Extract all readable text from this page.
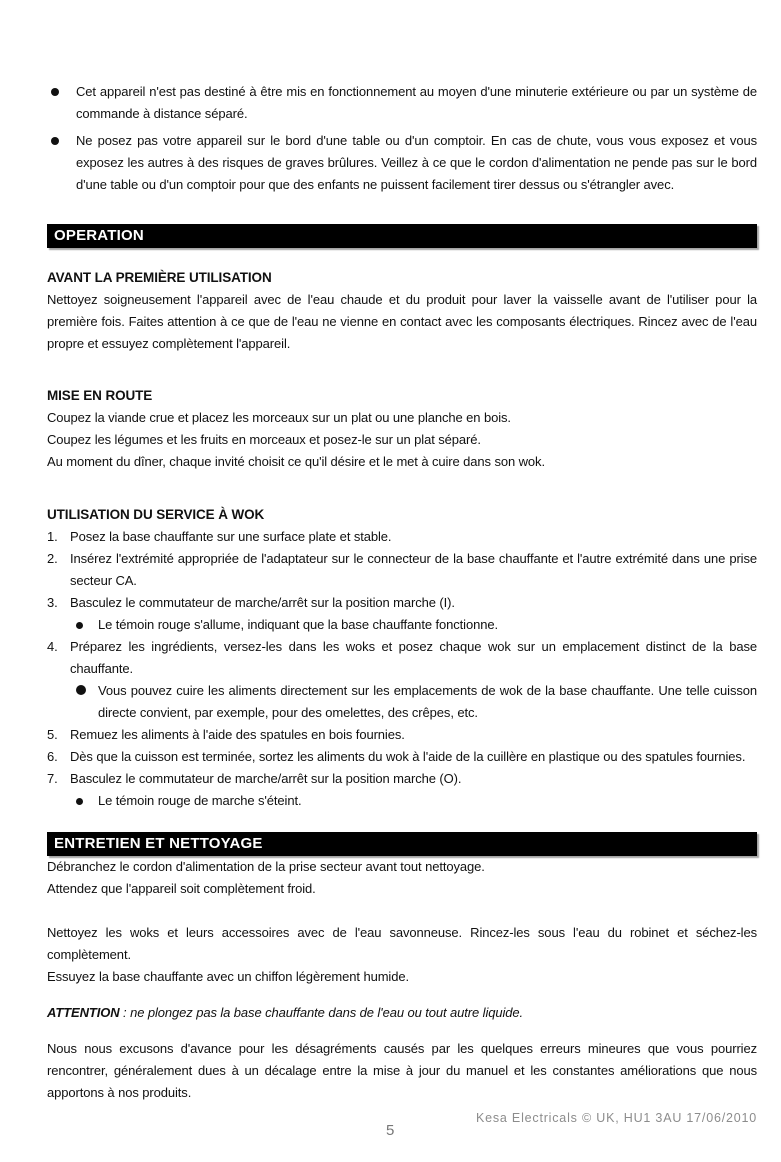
Cet appareil n'est pas destiné à être mis en fonctionnement au moyen d'une minuterie extérieure ou par un système de commande à distance séparé.
Ne posez pas votre appareil sur le bord d'une table ou d'un comptoir. En cas de chute, vous vous exposez et vous exposez les autres à des risques de graves brûlures. Veillez à ce que le cordon d'alimentation ne pende pas sur le bord d'une table ou d'un comptoir pour que des enfants ne puissent facilement tirer dessus ou s'étrangler avec.
OPERATION
AVANT LA PREMIÈRE UTILISATION
Nettoyez soigneusement l'appareil avec de l'eau chaude et du produit pour laver la vaisselle avant de l'utiliser pour la première fois. Faites attention à ce que de l'eau ne vienne en contact avec les composants électriques. Rincez avec de l'eau propre et essuyez complètement l'appareil.
MISE EN ROUTE
Coupez la viande crue et placez les morceaux sur un plat ou une planche en bois.
Coupez les légumes et les fruits en morceaux et posez-le sur un plat séparé.
Au moment du dîner, chaque invité choisit ce qu'il désire et le met à cuire dans son wok.
UTILISATION DU SERVICE À WOK
1. Posez la base chauffante sur une surface plate et stable.
2. Insérez l'extrémité appropriée de l'adaptateur sur le connecteur de la base chauffante et l'autre extrémité dans une prise secteur CA.
3. Basculez le commutateur de marche/arrêt sur la position marche (I).
Le témoin rouge s'allume, indiquant que la base chauffante fonctionne.
4. Préparez les ingrédients, versez-les dans les woks et posez chaque wok sur un emplacement distinct de la base chauffante.
Vous pouvez cuire les aliments directement sur les emplacements de wok de la base chauffante. Une telle cuisson directe convient, par exemple, pour des omelettes, des crêpes, etc.
5. Remuez les aliments à l'aide des spatules en bois fournies.
6. Dès que la cuisson est terminée, sortez les aliments du wok à l'aide de la cuillère en plastique ou des spatules fournies.
7. Basculez le commutateur de marche/arrêt sur la position marche (O).
Le témoin rouge de marche s'éteint.
ENTRETIEN ET NETTOYAGE
Débranchez le cordon d'alimentation de la prise secteur avant tout nettoyage.
Attendez que l'appareil soit complètement froid.
Nettoyez les woks et leurs accessoires avec de l'eau savonneuse. Rincez-les sous l'eau du robinet et séchez-les complètement.
Essuyez la base chauffante avec un chiffon légèrement humide.
ATTENTION : ne plongez pas la base chauffante dans de l'eau ou tout autre liquide.
Nous nous excusons d'avance pour les désagréments causés par les quelques erreurs mineures que vous pourriez rencontrer, généralement dues à un décalage entre la mise à jour du manuel et les constantes améliorations que nous apportons à nos produits.
Kesa Electricals © UK, HU1 3AU 17/06/2010
5
